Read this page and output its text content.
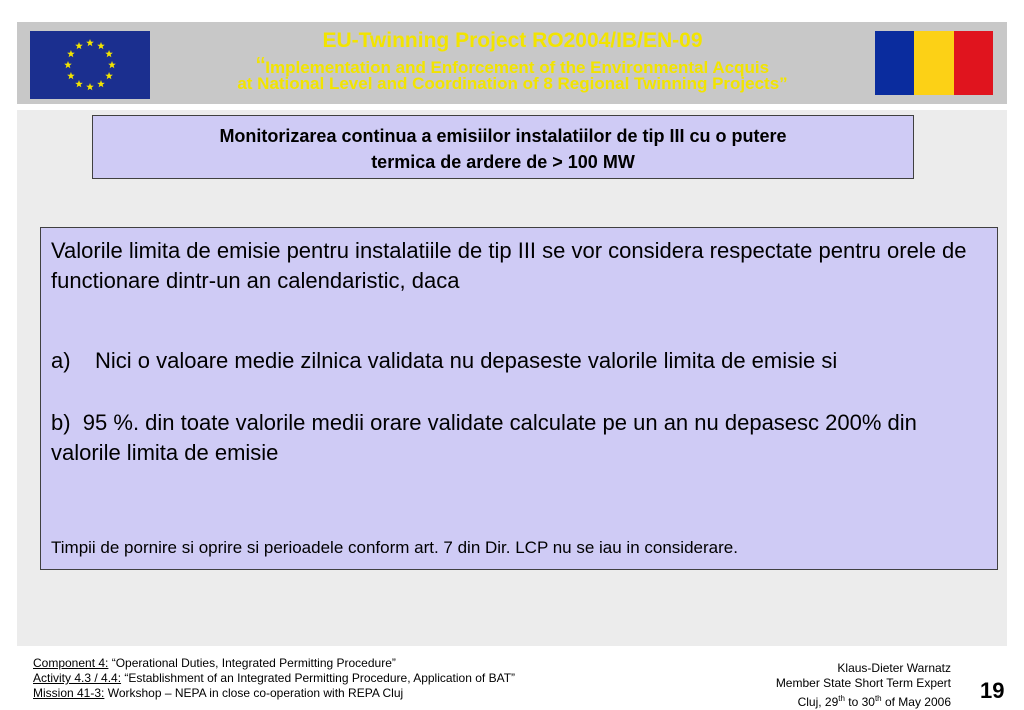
EU-Twinning Project RO2004/IB/EN-09
“Implementation and Enforcement of the Environmental Acquis
at National Level and Coordination of 8 Regional Twinning Projects”
Monitorizarea continua a emisiilor instalatiilor de tip III cu o putere
termica de ardere de > 100 MW
Valorile limita de emisie pentru instalatiile de tip III se vor considera respectate pentru orele de functionare dintr-un an calendaristic, daca
a) Nici o valoare medie zilnica validata nu depaseste valorile limita de emisie si
b) 95 %. din toate valorile medii orare validate calculate pe un an nu depasesc 200% din valorile limita de emisie
Timpii de pornire si oprire si perioadele conform art. 7 din Dir. LCP nu se iau in considerare.
Component 4: “Operational Duties, Integrated Permitting Procedure”
Activity 4.3 / 4.4: “Establishment of an Integrated Permitting Procedure, Application of BAT”
Mission 41-3: Workshop – NEPA in close co-operation with REPA Cluj
Klaus-Dieter Warnatz
Member State Short Term Expert
Cluj, 29th to 30th of May 2006 19
